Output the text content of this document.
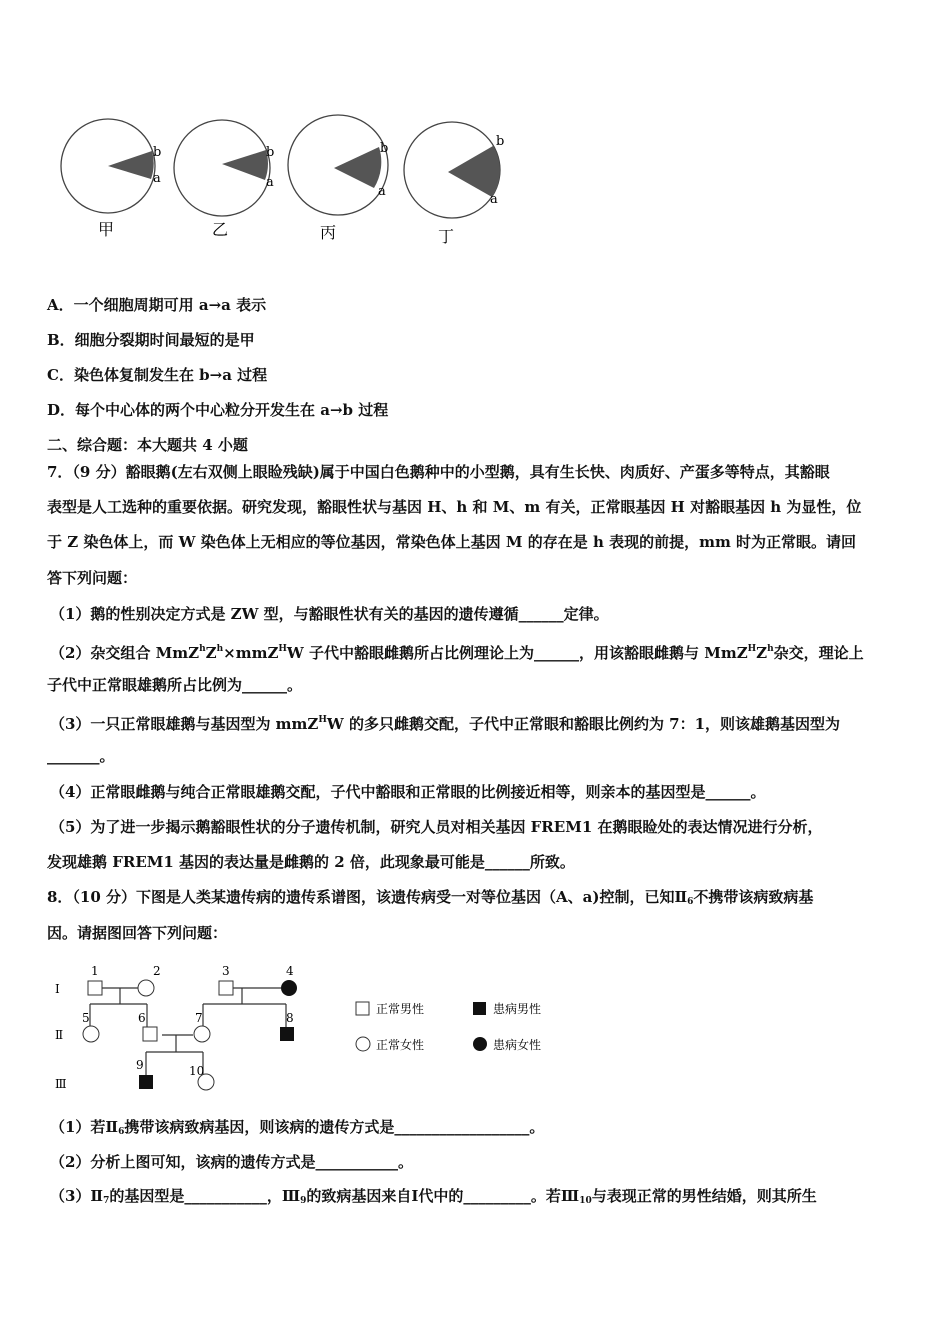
b
a
甲
b
a
乙
b
a
丙
b
a
丁
A．一个细胞周期可用 a→a 表示
B．细胞分裂期时间最短的是甲
C．染色体复制发生在 b→a 过程
D．每个中心体的两个中心粒分开发生在 a→b 过程
二、综合题：本大题共 4 小题
7．（9 分）豁眼鹅(左右双侧上眼睑残缺)属于中国白色鹅种中的小型鹅，具有生长快、肉质好、产蛋多等特点，其豁眼
表型是人工选种的重要依据。研究发现，豁眼性状与基因 H、h 和 M、m 有关，正常眼基因 H 对豁眼基因 h 为显性，位
于 Z 染色体上，而 W 染色体上无相应的等位基因，常染色体上基因 M 的存在是 h 表现的前提，mm 时为正常眼。请回
答下列问题：
（1）鹅的性别决定方式是 ZW 型，与豁眼性状有关的基因的遗传遵循______定律。
（2）杂交组合 $MmZ^hZ^h\times mmZ^HW$ 子代中豁眼雌鹅所占比例理论上为______，用该豁眼雌鹅与 $MmZ^HZ^h$杂交，理论上
子代中正常眼雄鹅所占比例为______。
（3）一只正常眼雄鹅与基因型为 mmZ$^H$W 的多只雌鹅交配，子代中正常眼和豁眼比例约为 7：1，则该雄鹅基因型为
_______。
（4）正常眼雌鹅与纯合正常眼雄鹅交配，子代中豁眼和正常眼的比例接近相等，则亲本的基因型是______。
（5）为了进一步揭示鹅豁眼性状的分子遗传机制，研究人员对相关基因 FREM1 在鹅眼睑处的表达情况进行分析，
发现雄鹅 FREM1 基因的表达量是雌鹅的 2 倍，此现象最可能是______所致。
8．（10 分）下图是人类某遗传病的遗传系谱图，该遗传病受一对等位基因（A、a)控制，已知$Ⅱ_6$不携带该病致病基
因。请据图回答下列问题：
（1）若$Ⅱ_6$携带该病致病基因，则该病的遗传方式是__________________。
（2）分析上图可知，该病的遗传方式是___________。
$(3)Ⅱ_7$的基因型是___________，$Ⅲ_9$的致病基因来自Ⅰ代中的_________。若$Ⅲ_{10}$与表现正常的男性结婚，则其所生
Ⅰ
Ⅱ
Ⅲ
1	2	3	4
5	6	7	8
9	10
正常男性	患病男性
正常女性	患病女性
